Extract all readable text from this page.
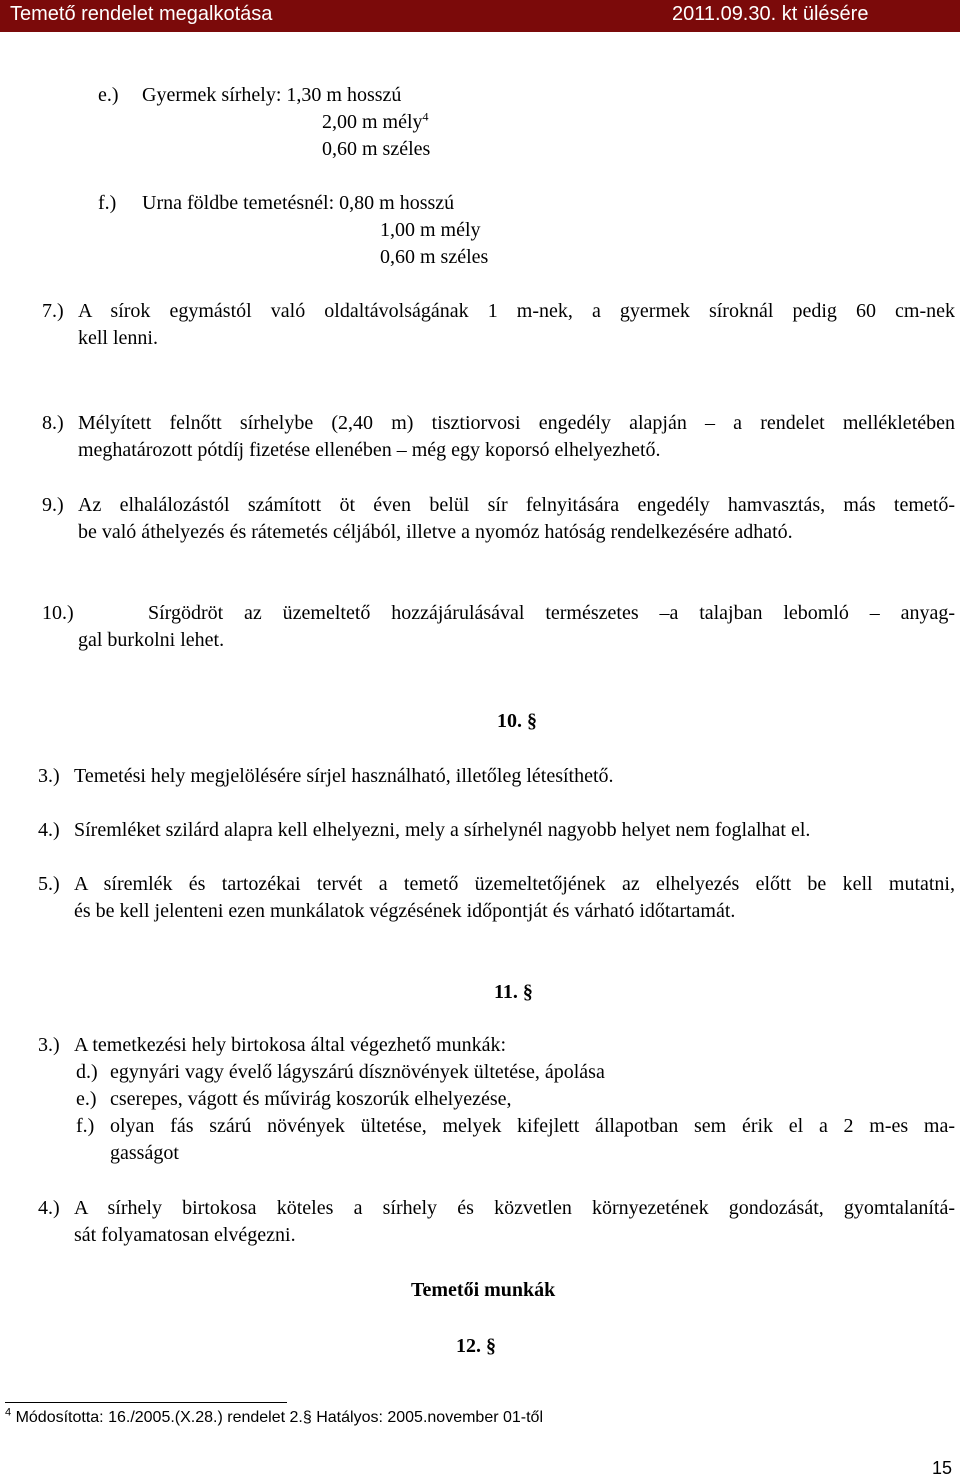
Temető rendelet megalkotása	2011.09.30. kt ülésére
e.) Gyermek sírhely: 1,30 m hosszú
2,00 m mély$^4$
0,60 m széles
f.) Urna földbe temetésnél: 0,80 m hosszú
1,00 m mély
0,60 m széles
7.) A sírok egymástól való oldaltávolságának 1 m-nek, a gyermek síroknál pedig 60 cm-nek
kell lenni.
8.) Mélyített felnőtt sírhelybe (2,40 m) tisztiorvosi engedély alapján – a rendelet mellékletében
meghatározott pótdíj fizetése ellenében – még egy koporsó elhelyezhető.
9.) Az elhalálozástól számított öt éven belül sír felnyitására engedély hamvasztás, más temető-
be való áthelyezés és rátemetés céljából, illetve a nyomóz hatóság rendelkezésére adható.
10.)	Sírgödröt az üzemeltető hozzájárulásával természetes –a talajban lebomló – anyag-
gal burkolni lehet.
10. §
3.) Temetési hely megjelölésére sírjel használható, illetőleg létesíthető.
4.) Síremléket szilárd alapra kell elhelyezni, mely a sírhelynél nagyobb helyet nem foglalhat el.
5.) A síremlék és tartozékai tervét a temető üzemeltetőjének az elhelyezés előtt be kell mutatni,
és be kell jelenteni ezen munkálatok végzésének időpontját és várható időtartamát.
11. §
3.) A temetkezési hely birtokosa által végezhető munkák:
d.) egynyári vagy évelő lágyszárú dísznövények ültetése, ápolása
e.) cserepes, vágott és művirág koszorúk elhelyezése,
f.) olyan fás szárú növények ültetése, melyek kifejlett állapotban sem érik el a 2 m-es ma-
gasságot
4.) A sírhely birtokosa köteles a sírhely és közvetlen környezetének gondozását, gyomtalanítá-
sát folyamatosan elvégezni.
Temetői munkák
12. §
$^4$ Módosította: 16./2005.(X.28.) rendelet 2.§ Hatályos: 2005.november 01-től
15
